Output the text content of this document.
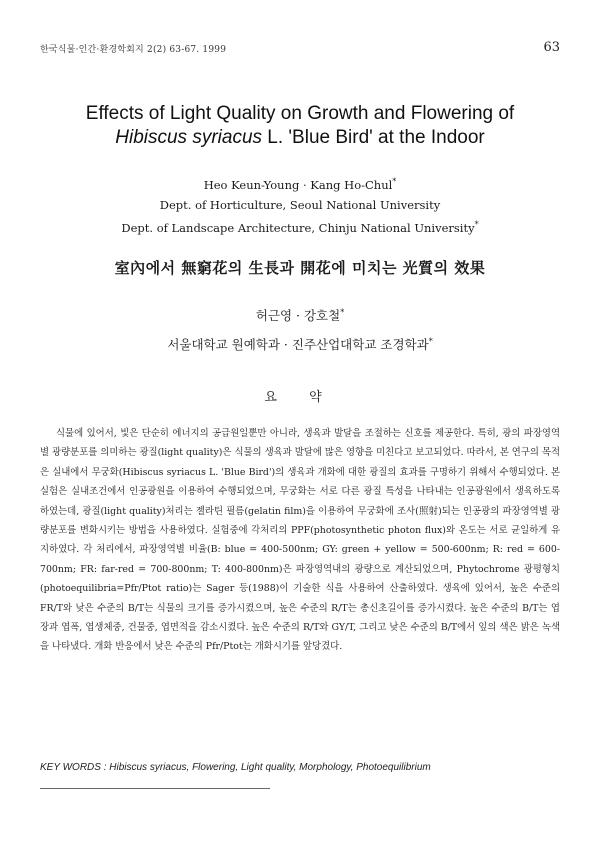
한국식물·인간·환경학회지 2(2) 63-67. 1999	63
Effects of Light Quality on Growth and Flowering of
Hibiscus syriacus L. 'Blue Bird' at the Indoor
Heo Keun-Young · Kang Ho-Chul*
Dept. of Horticulture, Seoul National University
Dept. of Landscape Architecture, Chinju National University*
室內에서 無窮花의 生長과 開花에 미치는 光質의 效果
허근영 · 강호철*
서울대학교 원예학과 · 진주산업대학교 조경학과*
요 약

식물에 있어서, 빛은 단순히 에너지의 공급원일뿐만 아니라, 생육과 발달을 조절하는 신호를 제공한다. 특히, 광의 파장영역별 광량분포를 의미하는 광질(light quality)은 식물의 생육과 발달에 많은 영향을 미친다고 보고되었다. 따라서, 본 연구의 목적은 실내에서 무궁화(Hibiscus syriacus L. 'Blue Bird')의 생육과 개화에 대한 광질의 효과를 구명하기 위해서 수행되었다. 본 실험은 실내조건에서 인공광원을 이용하여 수행되었으며, 무궁화는 서로 다른 광질 특성을 나타내는 인공광원에서 생육하도록 하였는데, 광질(light quality)처리는 젤라틴 필름(gelatin film)을 이용하여 무궁화에 조사(照射)되는 인공광의 파장영역별 광량분포를 변화시키는 방법을 사용하였다. 실험중에 각처리의 PPF(photosynthetic photon flux)와 온도는 서로 균일하게 유지하였다. 각 처리에서, 파장영역별 비율(B: blue = 400-500nm; GY: green + yellow = 500-600nm; R: red = 600-700nm; FR: far-red = 700-800nm; T: 400-800nm)은 파장영역내의 광량으로 계산되었으며, Phytochrome 광평형치(photoequilibria=Pfr/Ptot ratio)는 Sager 등(1988)이 기술한 식을 사용하여 산출하였다. 생육에 있어서, 높은 수준의 FR/T와 낮은 수준의 B/T는 식물의 크기를 증가시켰으며, 높은 수준의 R/T는 총신초길이를 증가시켰다. 높은 수준의 B/T는 엽장과 엽폭, 엽생체중, 건물중, 엽면적을 감소시켰다. 높은 수준의 R/T와 GY/T, 그리고 낮은 수준의 B/T에서 잎의 색은 밝은 녹색을 나타냈다. 개화 반응에서 낮은 수준의 Pfr/Ptot는 개화시기를 앞당겼다.

KEY WORDS : Hibiscus syriacus, Flowering, Light quality, Morphology, Photoequilibrium
